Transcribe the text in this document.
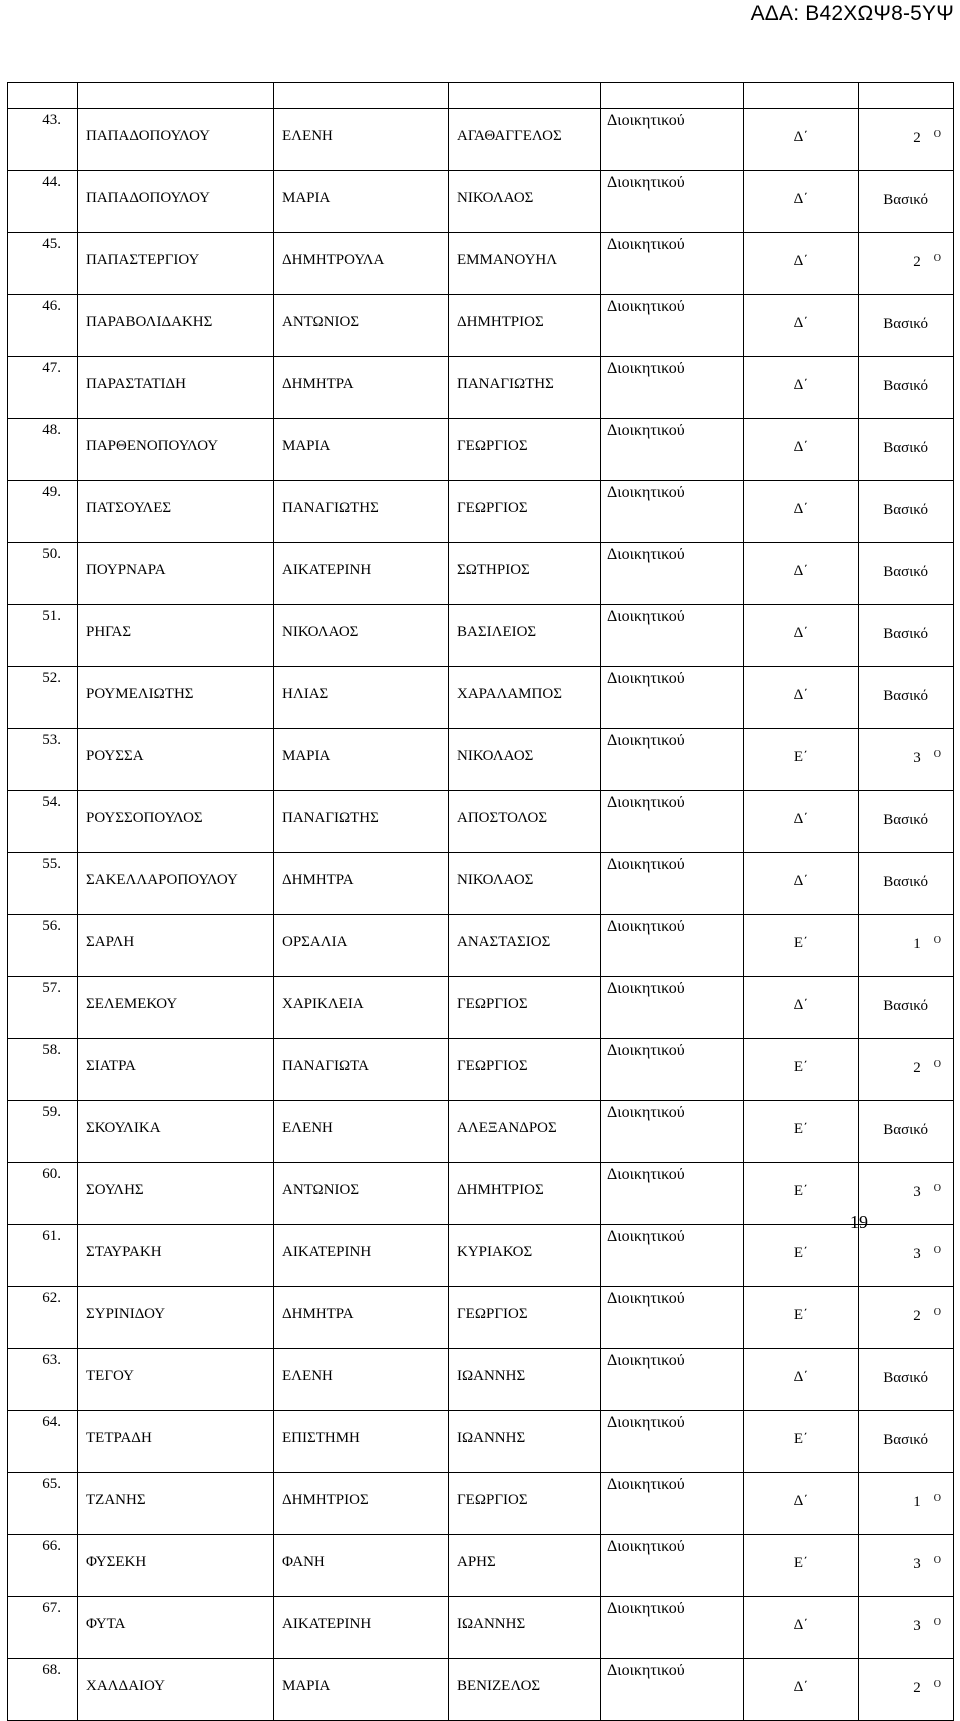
ΑΔΑ: Β42ΧΩΨ8-5ΥΨ

43.	ΠΑΠΑΔΟΠΟΥΛΟΥ	ΕΛΕΝΗ	ΑΓΑΘΑΓΓΕΛΟΣ	Διοικητικού	Δ΄	2 $^O$
44.	ΠΑΠΑΔΟΠΟΥΛΟΥ	ΜΑΡΙΑ	ΝΙΚΟΛΑΟΣ	Διοικητικού	Δ΄	Βασικό
45.	ΠΑΠΑΣΤΕΡΓΙΟΥ	ΔΗΜΗΤΡΟΥΛΑ	ΕΜΜΑΝΟΥΗΛ	Διοικητικού	Δ΄	2 $^O$
46.	ΠΑΡΑΒΟΛΙΔΑΚΗΣ	ΑΝΤΩΝΙΟΣ	ΔΗΜΗΤΡΙΟΣ	Διοικητικού	Δ΄	Βασικό
47.	ΠΑΡΑΣΤΑΤΙΔΗ	ΔΗΜΗΤΡΑ	ΠΑΝΑΓΙΩΤΗΣ	Διοικητικού	Δ΄	Βασικό
48.	ΠΑΡΘΕΝΟΠΟΥΛΟΥ	ΜΑΡΙΑ	ΓΕΩΡΓΙΟΣ	Διοικητικού	Δ΄	Βασικό
49.	ΠΑΤΣΟΥΛΕΣ	ΠΑΝΑΓΙΩΤΗΣ	ΓΕΩΡΓΙΟΣ	Διοικητικού	Δ΄	Βασικό
50.	ΠΟΥΡΝΑΡΑ	ΑΙΚΑΤΕΡΙΝΗ	ΣΩΤΗΡΙΟΣ	Διοικητικού	Δ΄	Βασικό
51.	ΡΗΓΑΣ	ΝΙΚΟΛΑΟΣ	ΒΑΣΙΛΕΙΟΣ	Διοικητικού	Δ΄	Βασικό
52.	ΡΟΥΜΕΛΙΩΤΗΣ	ΗΛΙΑΣ	ΧΑΡΑΛΑΜΠΟΣ	Διοικητικού	Δ΄	Βασικό
53.	ΡΟΥΣΣΑ	ΜΑΡΙΑ	ΝΙΚΟΛΑΟΣ	Διοικητικού	Ε΄	3 $^O$
54.	ΡΟΥΣΣΟΠΟΥΛΟΣ	ΠΑΝΑΓΙΩΤΗΣ	ΑΠΟΣΤΟΛΟΣ	Διοικητικού	Δ΄	Βασικό
55.	ΣΑΚΕΛΛΑΡΟΠΟΥΛΟΥ	ΔΗΜΗΤΡΑ	ΝΙΚΟΛΑΟΣ	Διοικητικού	Δ΄	Βασικό
56.	ΣΑΡΛΗ	ΟΡΣΑΛΙΑ	ΑΝΑΣΤΑΣΙΟΣ	Διοικητικού	Ε΄	1 $^O$
57.	ΣΕΛΕΜΕΚΟΥ	ΧΑΡΙΚΛΕΙΑ	ΓΕΩΡΓΙΟΣ	Διοικητικού	Δ΄	Βασικό
58.	ΣΙΑΤΡΑ	ΠΑΝΑΓΙΩΤΑ	ΓΕΩΡΓΙΟΣ	Διοικητικού	Ε΄	2 $^O$
59.	ΣΚΟΥΛΙΚΑ	ΕΛΕΝΗ	ΑΛΕΞΑΝΔΡΟΣ	Διοικητικού	Ε΄	Βασικό
60.	ΣΟΥΛΗΣ	ΑΝΤΩΝΙΟΣ	ΔΗΜΗΤΡΙΟΣ	Διοικητικού	Ε΄	3 $^O$
61.	ΣΤΑΥΡΑΚΗ	ΑΙΚΑΤΕΡΙΝΗ	ΚΥΡΙΑΚΟΣ	Διοικητικού	Ε΄	3 $^O$
62.	ΣΥΡΙΝΙΔΟΥ	ΔΗΜΗΤΡΑ	ΓΕΩΡΓΙΟΣ	Διοικητικού	Ε΄	2 $^O$
63.	ΤΕΓΟΥ	ΕΛΕΝΗ	ΙΩΑΝΝΗΣ	Διοικητικού	Δ΄	Βασικό
64.	ΤΕΤΡΑΔΗ	ΕΠΙΣΤΗΜΗ	ΙΩΑΝΝΗΣ	Διοικητικού	Ε΄	Βασικό
65.	ΤΖΑΝΗΣ	ΔΗΜΗΤΡΙΟΣ	ΓΕΩΡΓΙΟΣ	Διοικητικού	Δ΄	1 $^O$
66.	ΦΥΣΕΚΗ	ΦΑΝΗ	ΑΡΗΣ	Διοικητικού	Ε΄	3 $^O$
67.	ΦΥΤΑ	ΑΙΚΑΤΕΡΙΝΗ	ΙΩΑΝΝΗΣ	Διοικητικού	Δ΄	3 $^O$
68.	ΧΑΛΔΑΙΟΥ	ΜΑΡΙΑ	ΒΕΝΙΖΕΛΟΣ	Διοικητικού	Δ΄	2 $^O$
19
